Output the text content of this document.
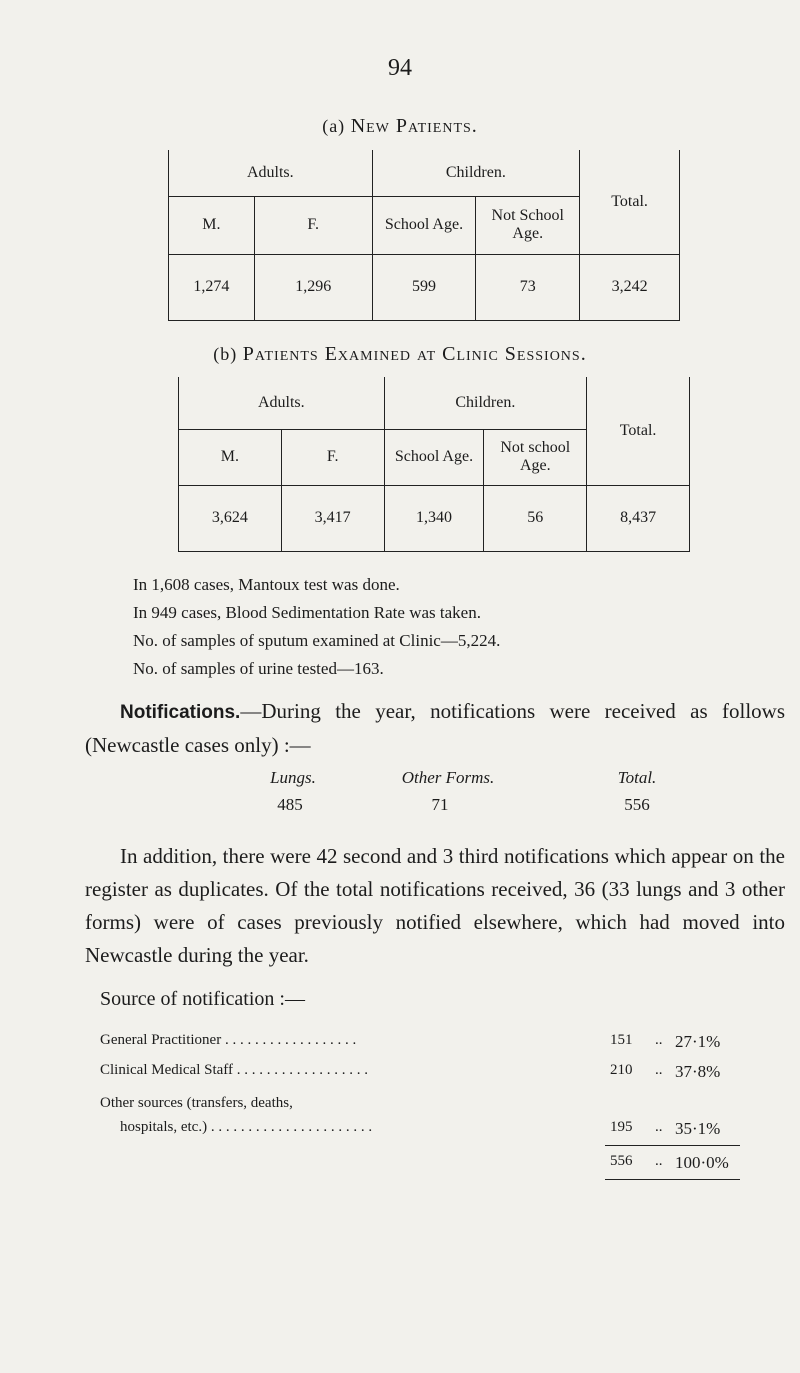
94
(a) New Patients.
Adults.		Children.		Total.
M.	F.	School Age.	Not School Age.	
1,274	1,296	599	73	3,242
(b) Patients Examined at Clinic Sessions.
Adults.		Children.		Total.
M.	F.	School Age.	Not school Age.	
3,624	3,417	1,340	56	8,437
In 1,608 cases, Mantoux test was done.
In 949 cases, Blood Sedimentation Rate was taken.
No. of samples of sputum examined at Clinic—5,224.
No. of samples of urine tested—163.
Notifications.—During the year, notifications were received as follows (Newcastle cases only) :—
Lungs.	Other Forms.	Total.
485	71	556
In addition, there were 42 second and 3 third notifications which appear on the register as duplicates. Of the total notifications received, 36 (33 lungs and 3 other forms) were of cases previously notified elsewhere, which had moved into Newcastle during the year.
Source of notification :—
General Practitioner . . . . . . . . . . . . . . . . . .	151 .. 27·1%
Clinical Medical Staff . . . . . . . . . . . . . . . . . .	210 .. 37·8%
Other sources (transfers, deaths,
hospitals, etc.) . . . . . . . . . . . . . . . . . . . . . .	195 .. 35·1%
556 .. 100·0%
